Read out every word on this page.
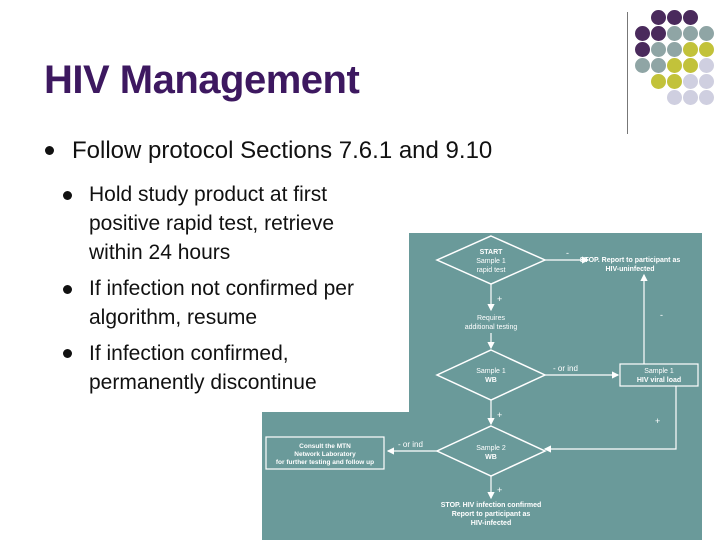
HIV Management
Follow protocol Sections 7.6.1 and 9.10
Hold study product at first
positive rapid test, retrieve
within 24 hours
If infection not confirmed per
algorithm, resume
If infection confirmed,
permanently discontinue
START
Sample 1
rapid test
STOP. Report to participant as
HIV-uninfected
-
+
Requires
additional testing
Sample 1
WB
- or ind	Sample 1
HIV viral load
-
+
+
Sample 2
WB
- or ind
Consult the MTN
Network Laboratory
for further testing and follow up
+
STOP. HIV infection confirmed
Report to participant as
HIV-infected
